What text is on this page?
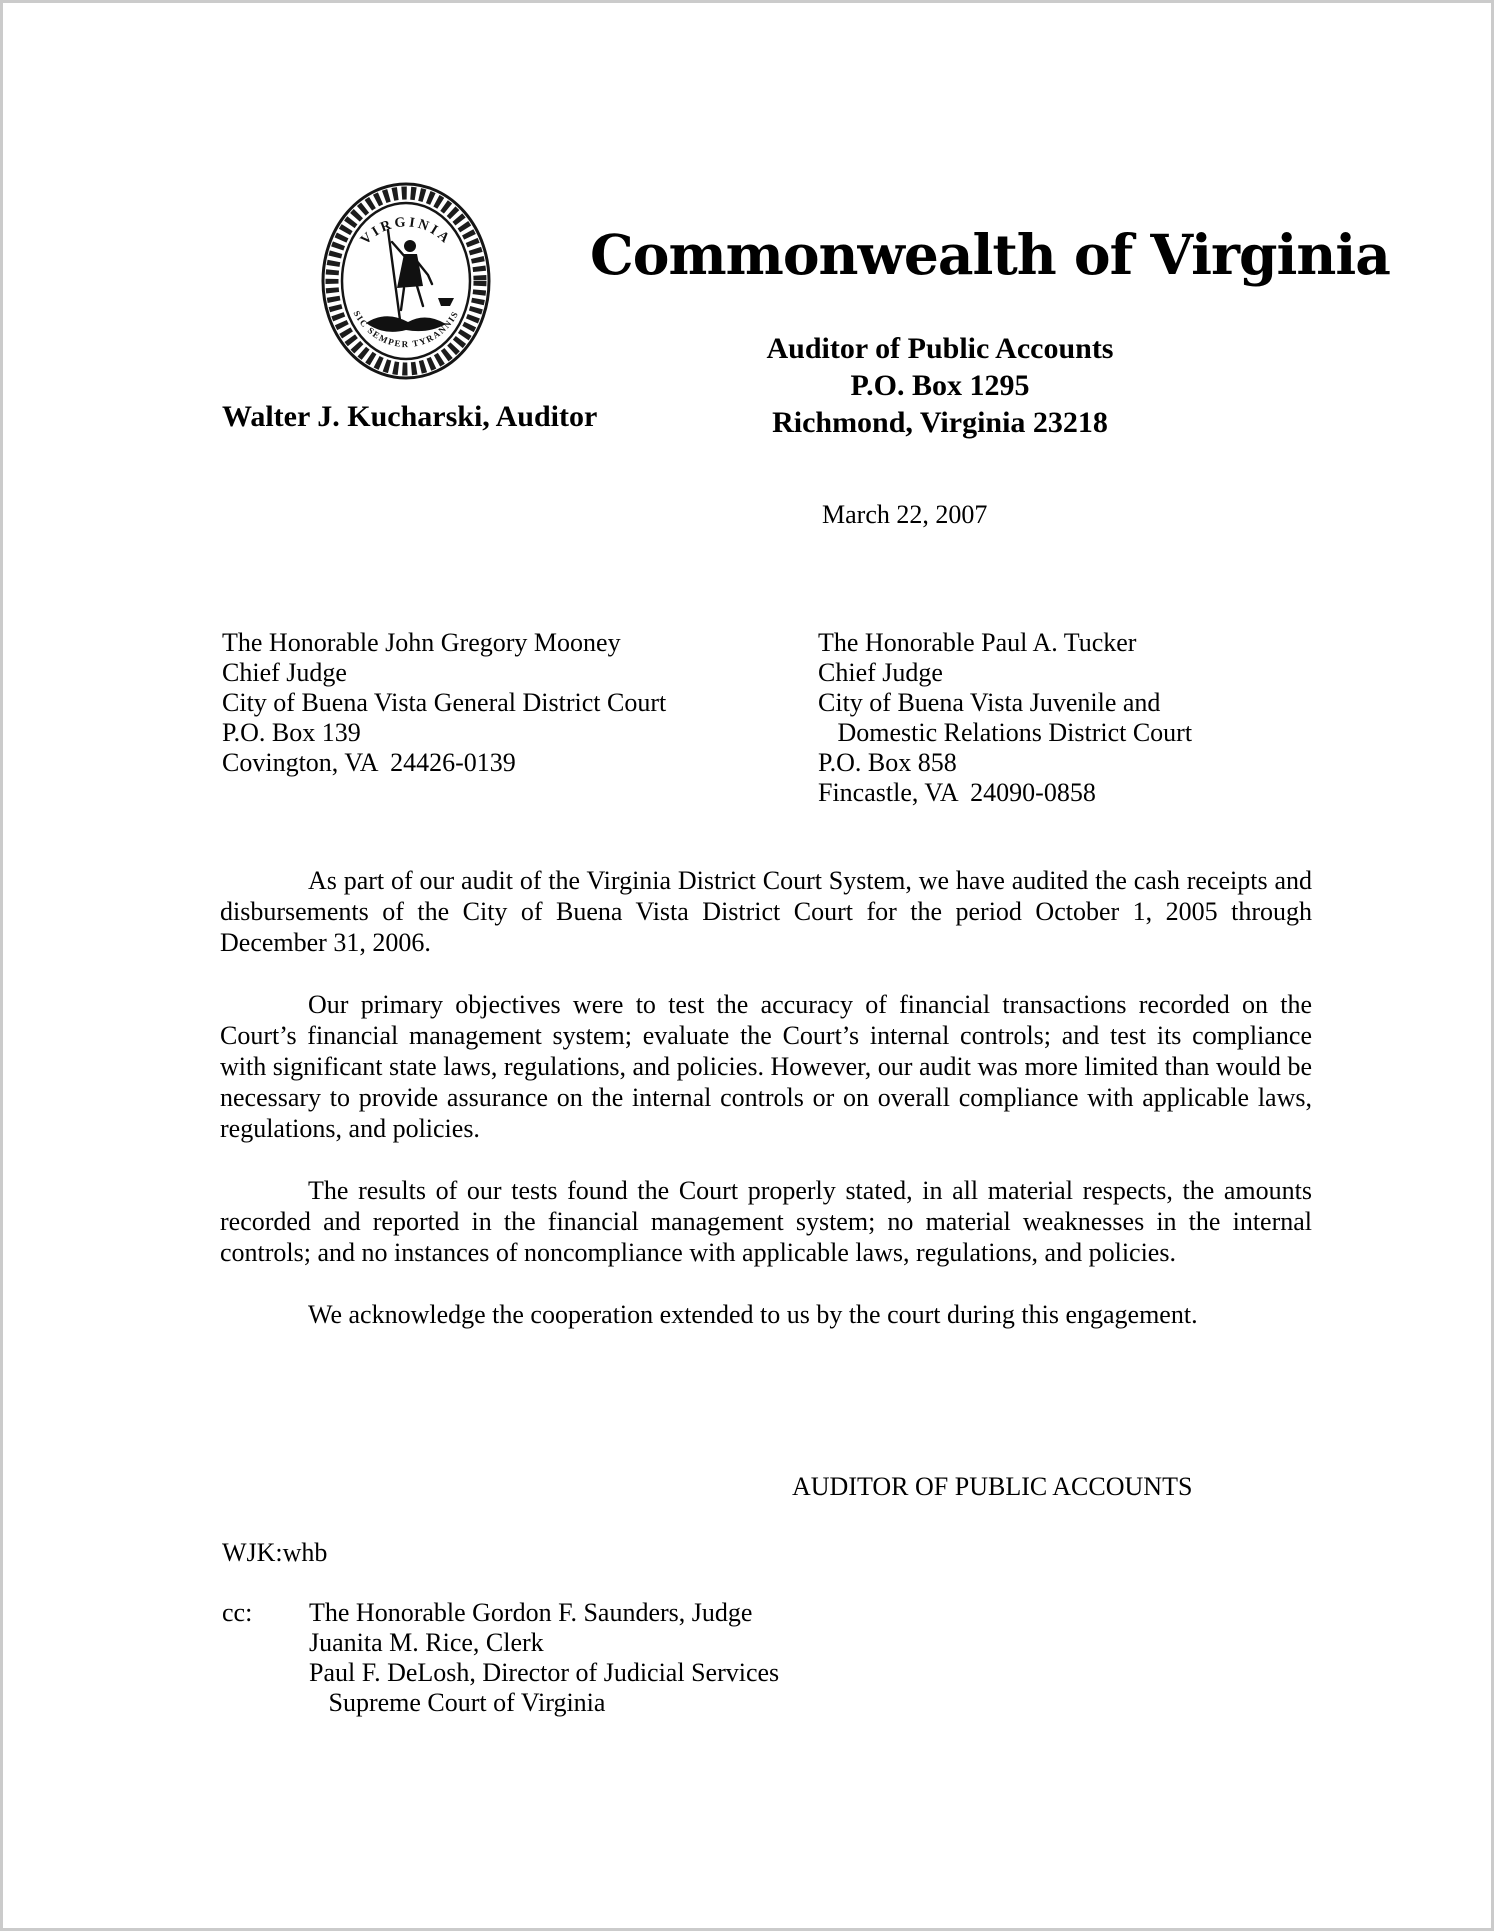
VIRGINIA
SIC SEMPER TYRANNIS
Commonwealth of Virginia
Auditor of Public Accounts
P.O. Box 1295
Richmond, Virginia 23218
Walter J. Kucharski, Auditor
March 22, 2007
The Honorable John Gregory Mooney
Chief Judge
City of Buena Vista General District Court
P.O. Box 139
Covington, VA  24426-0139
The Honorable Paul A. Tucker
Chief Judge
City of Buena Vista Juvenile and
Domestic Relations District Court
P.O. Box 858
Fincastle, VA  24090-0858

As part of our audit of the Virginia District Court System, we have audited the cash receipts and disbursements of the City of Buena Vista District Court for the period October 1, 2005 through December 31, 2006.

Our primary objectives were to test the accuracy of financial transactions recorded on the Court’s financial management system; evaluate the Court’s internal controls; and test its compliance with significant state laws, regulations, and policies. However, our audit was more limited than would be necessary to provide assurance on the internal controls or on overall compliance with applicable laws, regulations, and policies.

The results of our tests found the Court properly stated, in all material respects, the amounts recorded and reported in the financial management system; no material weaknesses in the internal controls; and no instances of noncompliance with applicable laws, regulations, and policies.

We acknowledge the cooperation extended to us by the court during this engagement.

AUDITOR OF PUBLIC ACCOUNTS
WJK:whb
cc:	The Honorable Gordon F. Saunders, Judge
Juanita M. Rice, Clerk
Paul F. DeLosh, Director of Judicial Services
Supreme Court of Virginia
